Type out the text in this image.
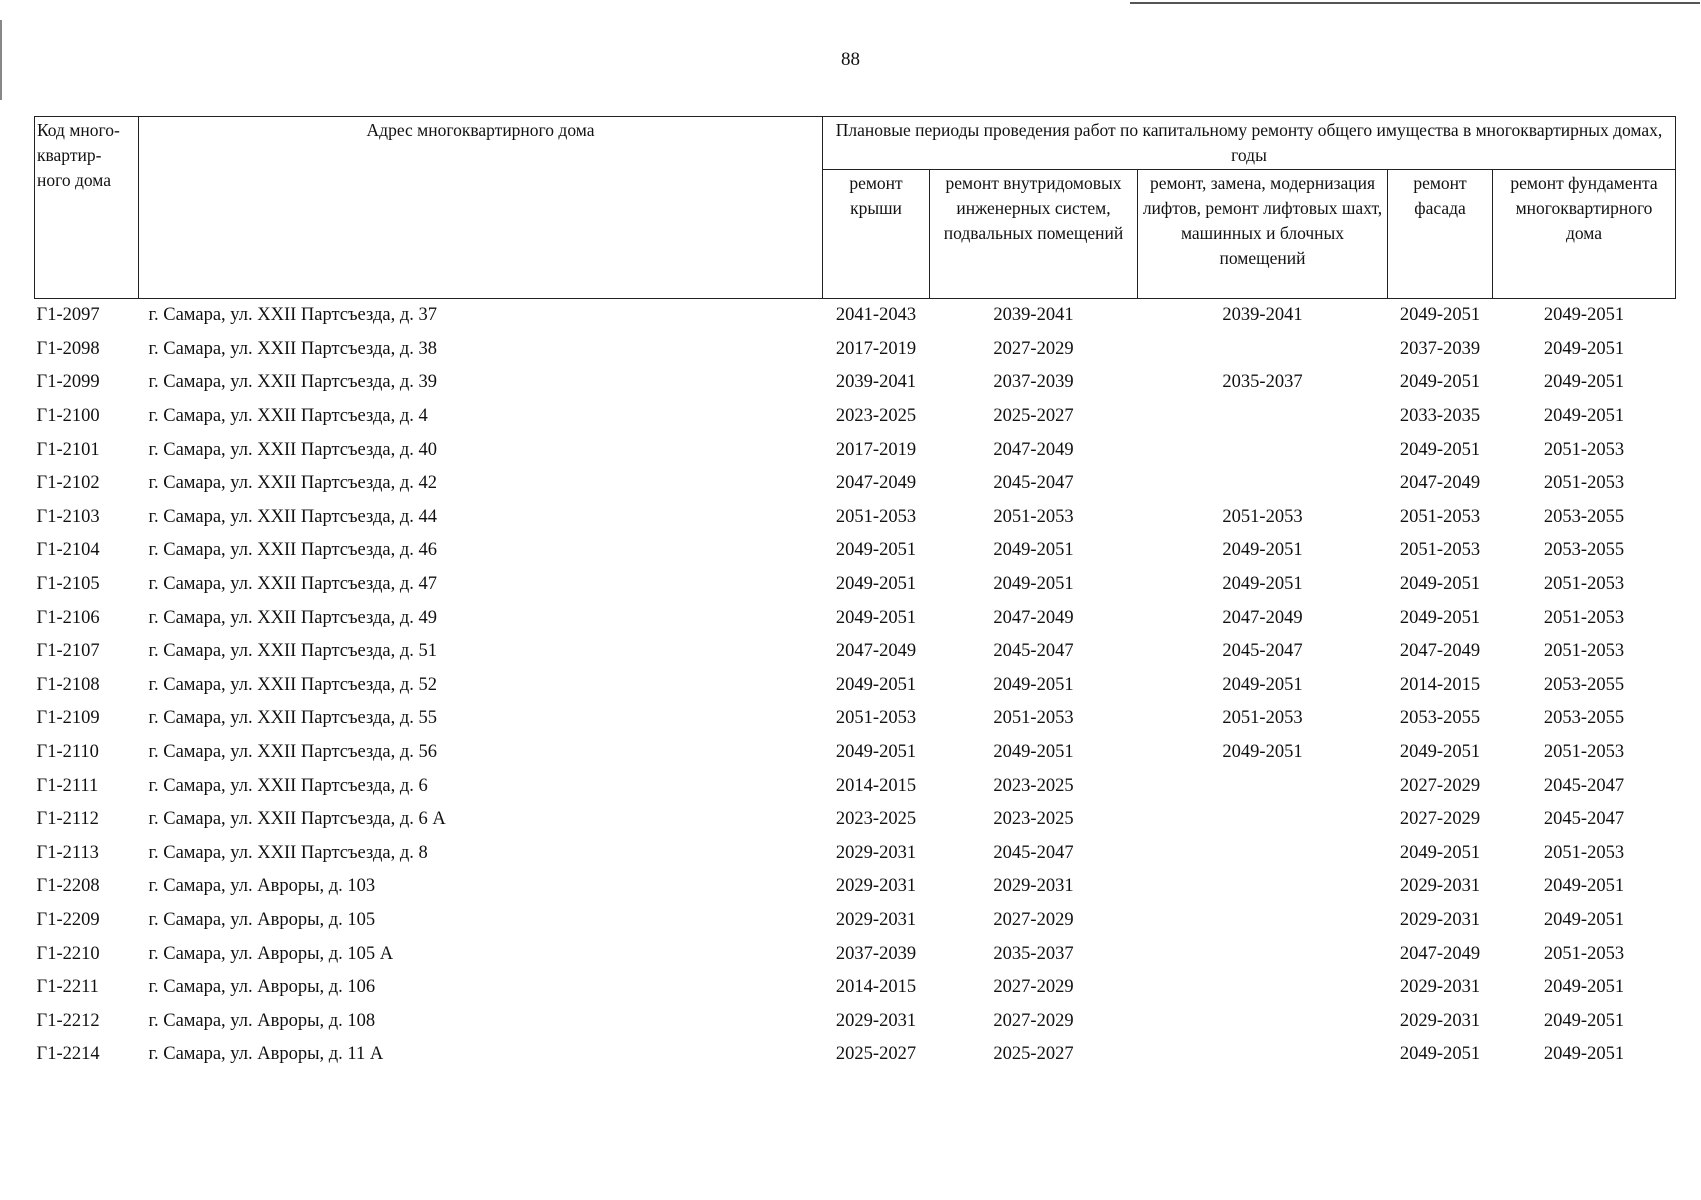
88
Код много-квартир-ного дома	Адрес многоквартирного дома	Плановые периоды проведения работ по капитальному ремонту общего имущества в многоквартирных домах, годы				
		ремонт крыши	ремонт внутридомовых инженерных систем, подвальных помещений	ремонт, замена, модернизация лифтов, ремонт лифтовых шахт, машинных и блочных помещений	ремонт фасада	ремонт фундамента многоквартирного дома
Г1-2097	г. Самара, ул. XXII Партсъезда, д. 37	2041-2043	2039-2041	2039-2041	2049-2051	2049-2051
Г1-2098	г. Самара, ул. XXII Партсъезда, д. 38	2017-2019	2027-2029		2037-2039	2049-2051
Г1-2099	г. Самара, ул. XXII Партсъезда, д. 39	2039-2041	2037-2039	2035-2037	2049-2051	2049-2051
Г1-2100	г. Самара, ул. XXII Партсъезда, д. 4	2023-2025	2025-2027		2033-2035	2049-2051
Г1-2101	г. Самара, ул. XXII Партсъезда, д. 40	2017-2019	2047-2049		2049-2051	2051-2053
Г1-2102	г. Самара, ул. XXII Партсъезда, д. 42	2047-2049	2045-2047		2047-2049	2051-2053
Г1-2103	г. Самара, ул. XXII Партсъезда, д. 44	2051-2053	2051-2053	2051-2053	2051-2053	2053-2055
Г1-2104	г. Самара, ул. XXII Партсъезда, д. 46	2049-2051	2049-2051	2049-2051	2051-2053	2053-2055
Г1-2105	г. Самара, ул. XXII Партсъезда, д. 47	2049-2051	2049-2051	2049-2051	2049-2051	2051-2053
Г1-2106	г. Самара, ул. XXII Партсъезда, д. 49	2049-2051	2047-2049	2047-2049	2049-2051	2051-2053
Г1-2107	г. Самара, ул. XXII Партсъезда, д. 51	2047-2049	2045-2047	2045-2047	2047-2049	2051-2053
Г1-2108	г. Самара, ул. XXII Партсъезда, д. 52	2049-2051	2049-2051	2049-2051	2014-2015	2053-2055
Г1-2109	г. Самара, ул. XXII Партсъезда, д. 55	2051-2053	2051-2053	2051-2053	2053-2055	2053-2055
Г1-2110	г. Самара, ул. XXII Партсъезда, д. 56	2049-2051	2049-2051	2049-2051	2049-2051	2051-2053
Г1-2111	г. Самара, ул. XXII Партсъезда, д. 6	2014-2015	2023-2025		2027-2029	2045-2047
Г1-2112	г. Самара, ул. XXII Партсъезда, д. 6 А	2023-2025	2023-2025		2027-2029	2045-2047
Г1-2113	г. Самара, ул. XXII Партсъезда, д. 8	2029-2031	2045-2047		2049-2051	2051-2053
Г1-2208	г. Самара, ул. Авроры, д. 103	2029-2031	2029-2031		2029-2031	2049-2051
Г1-2209	г. Самара, ул. Авроры, д. 105	2029-2031	2027-2029		2029-2031	2049-2051
Г1-2210	г. Самара, ул. Авроры, д. 105 А	2037-2039	2035-2037		2047-2049	2051-2053
Г1-2211	г. Самара, ул. Авроры, д. 106	2014-2015	2027-2029		2029-2031	2049-2051
Г1-2212	г. Самара, ул. Авроры, д. 108	2029-2031	2027-2029		2029-2031	2049-2051
Г1-2214	г. Самара, ул. Авроры, д. 11 А	2025-2027	2025-2027		2049-2051	2049-2051
